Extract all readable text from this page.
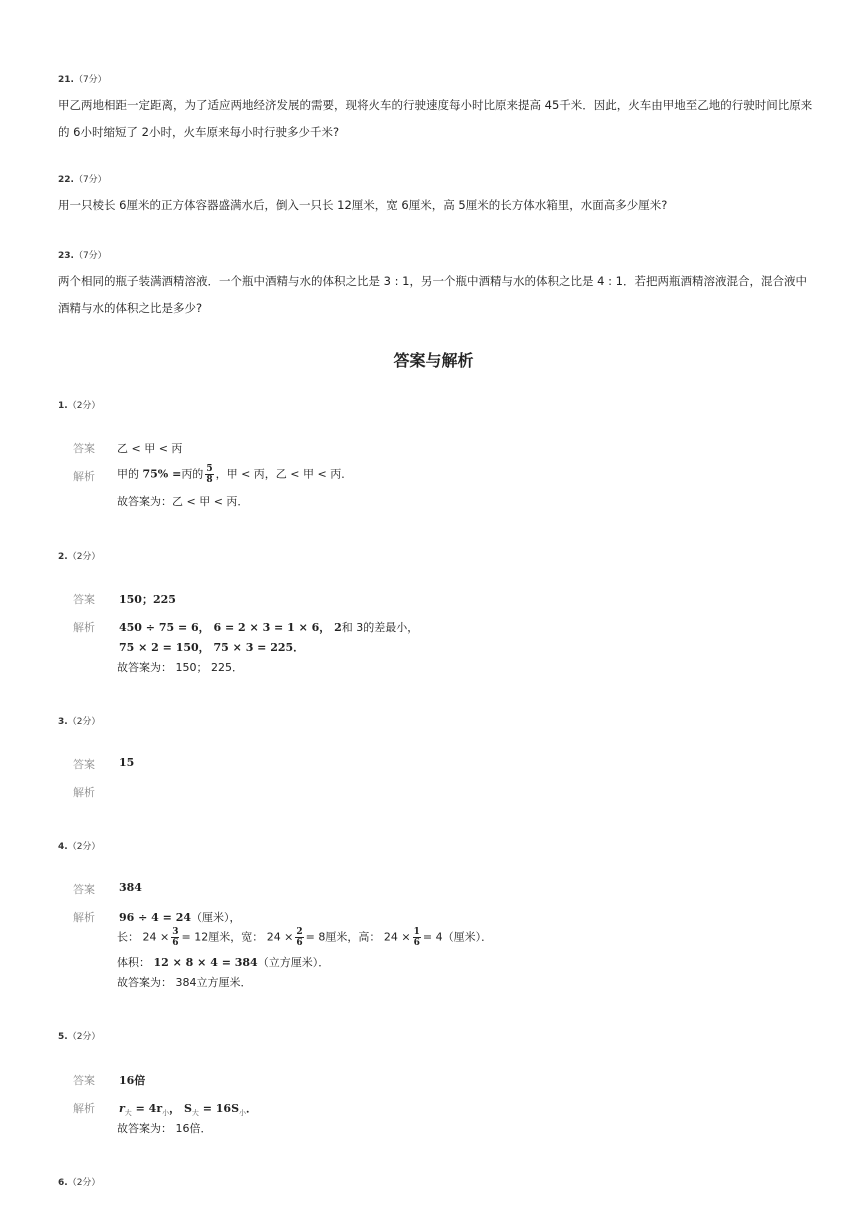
21.（7分）
甲乙两地相距一定距离，为了适应两地经济发展的需要，现将火车的行驶速度每小时比原来提高 45千米．因此，火车由甲地至乙地的行驶时间比原来的 6小时缩短了 2小时，火车原来每小时行驶多少千米?
22.（7分）
用一只棱长 6厘米的正方体容器盛满水后，倒入一只长 12厘米，宽 6厘米，高 5厘米的长方体水箱里，水面高多少厘米?
23.（7分）
两个相同的瓶子装满酒精溶液．一个瓶中酒精与水的体积之比是 3 : 1，另一个瓶中酒精与水的体积之比是 4 : 1．若把两瓶酒精溶液混合，混合液中酒精与水的体积之比是多少?
答案与解析
1.（2分）
答案 乙 < 甲 < 丙
解析 甲的 75% =丙的 $\frac{5}{8}$ ，甲 < 丙，乙 < 甲 < 丙．
故答案为：乙 < 甲 < 丙．
2.（2分）
答案 150；225
解析 450 ÷ 75 = 6， 6 = 2 × 3 = 1 × 6， 2和 3的差最小，
75 × 2 = 150， 75 × 3 = 225．
故答案为： 150； 225．
3.（2分）
答案 15
解析
4.（2分）
答案 384
解析 96 ÷ 4 = 24（厘米），
长： $24 \times \frac{3}{6} = 12$厘米，宽： $24 \times \frac{2}{6} = 8$厘米，高： $24 \times \frac{1}{6} = 4$（厘米）．
体积： 12 × 8 × 4 = 384（立方厘米）．
故答案为： 384立方厘米．
5.（2分）
答案 16倍
解析 $r_大 = 4r_小$， $S_大 = 16S_小$．
故答案为： 16倍．
6.（2分）
